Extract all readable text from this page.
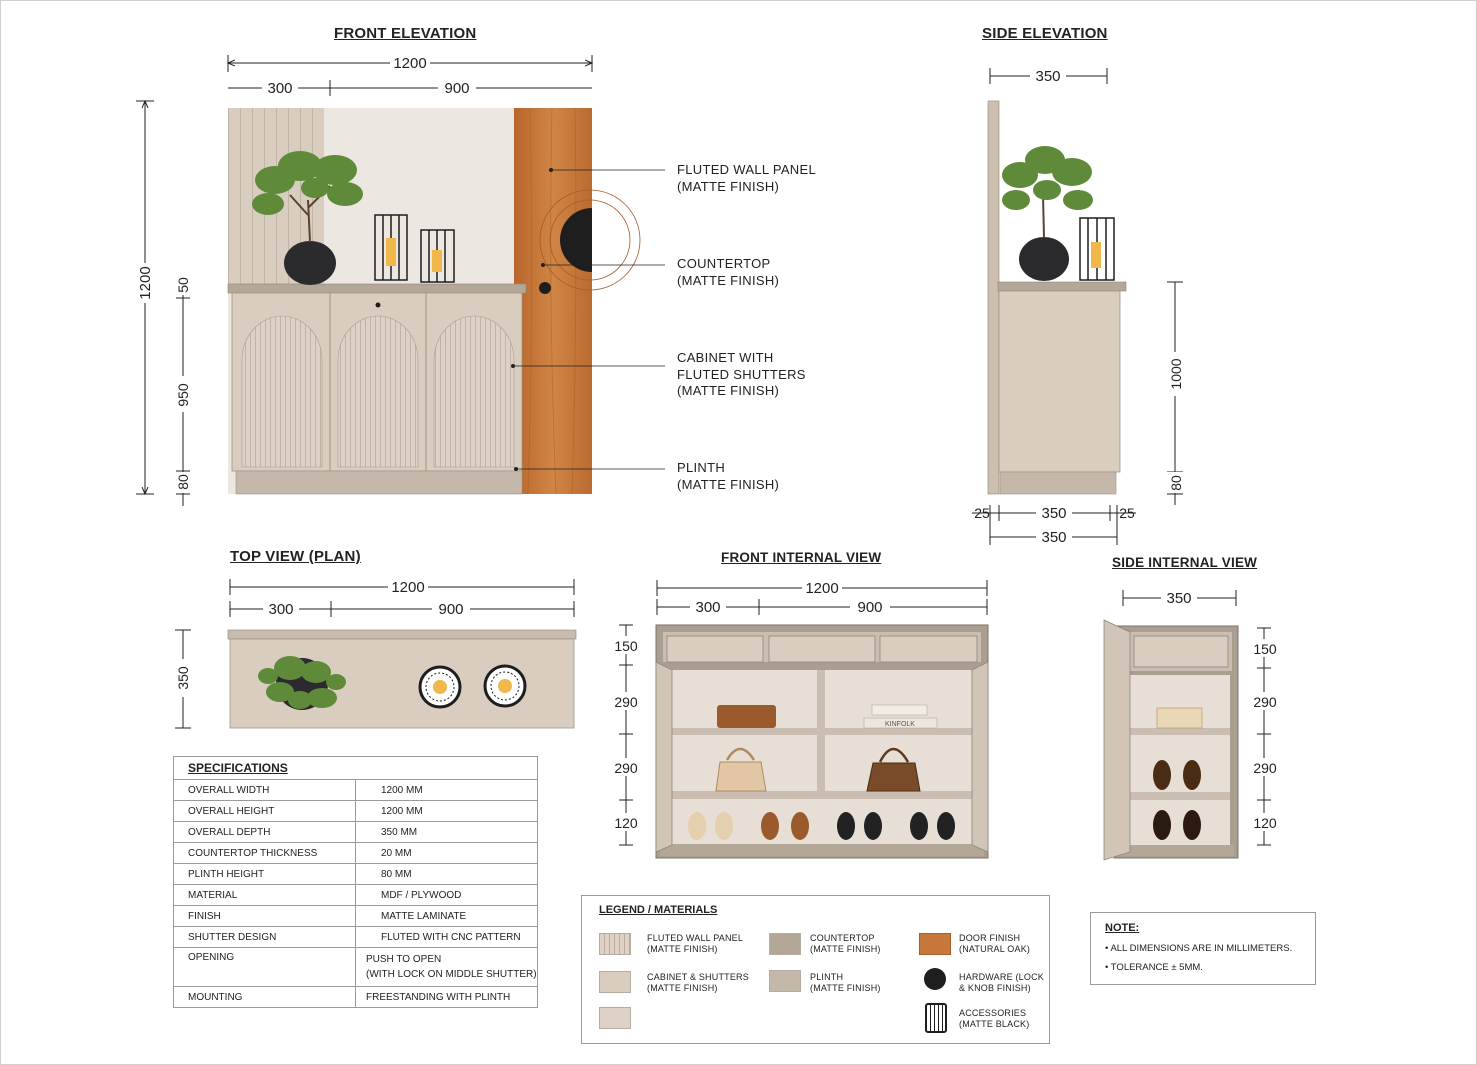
FRONT ELEVATION	SIDE ELEVATION
TOP VIEW (PLAN)	FRONT INTERNAL VIEW	SIDE INTERNAL VIEW
1200
300	900
1200 50
950
80
350
1000
80
25	350	25
350
1200
300	900
350
KINFOLK
1200
300	900
150
290
290
120
350
150
290
290
120
FLUTED WALL PANEL
(MATTE FINISH)
COUNTERTOP
(MATTE FINISH)
CABINET WITH
FLUTED SHUTTERS
(MATTE FINISH)
PLINTH
(MATTE FINISH)
SPECIFICATIONS	
OVERALL WIDTH	1200 MM
OVERALL HEIGHT	1200 MM
OVERALL DEPTH	350 MM
COUNTERTOP THICKNESS	20 MM
PLINTH HEIGHT	80 MM
MATERIAL	MDF / PLYWOOD
FINISH	MATTE LAMINATE
SHUTTER DESIGN	FLUTED WITH CNC PATTERN
OPENING	PUSH TO OPEN
(WITH LOCK ON MIDDLE SHUTTER)

MOUNTING	FREESTANDING WITH PLINTH
LEGEND / MATERIALS
FLUTED WALL PANEL
(MATTE FINISH)
COUNTERTOP
(MATTE FINISH)
DOOR FINISH
(NATURAL OAK)
CABINET & SHUTTERS
(MATTE FINISH)
PLINTH
(MATTE FINISH)
HARDWARE (LOCK
& KNOB FINISH)
ACCESSORIES
(MATTE BLACK)
NOTE:
• ALL DIMENSIONS ARE IN MILLIMETERS.
• TOLERANCE ± 5MM.
